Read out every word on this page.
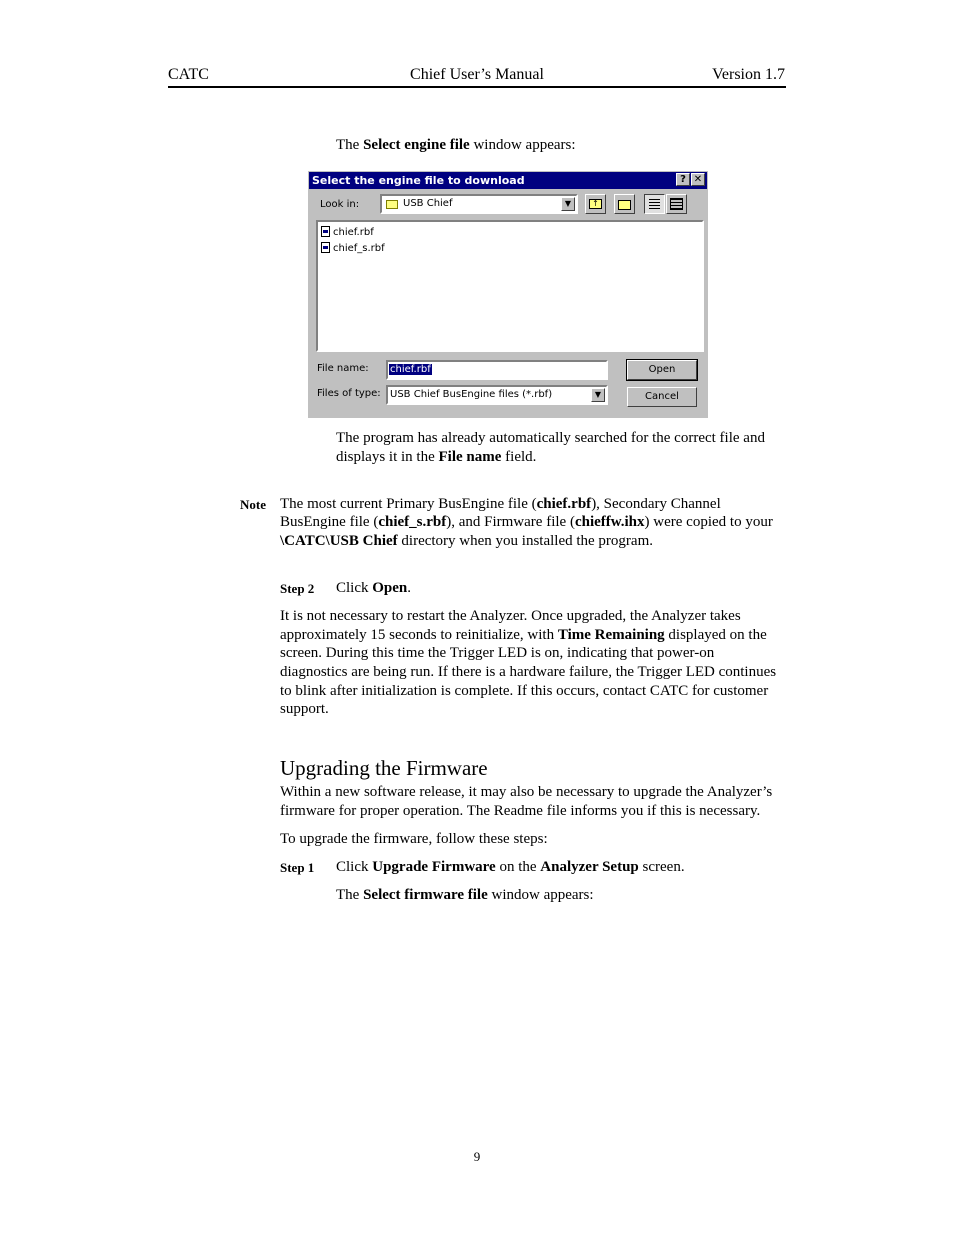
CATC	Chief User’s Manual	Version 1.7

The Select engine file window appears:

Select the engine file to download	? ✕
Look in:	USB Chief	▼	↑
chief.rbf
chief_s.rbf
File name: chief.rbf
Files of type: USB Chief BusEngine files (*.rbf)	▼
Open
Cancel

The program has already automatically searched for the correct file and

displays it in the File name field.

Note The most current Primary BusEngine file (chief.rbf), Secondary Channel

BusEngine file (chief_s.rbf), and Firmware file (chieffw.ihx) were copied to your

\CATC\USB Chief directory when you installed the program.

Step 2 Click Open.

It is not necessary to restart the Analyzer. Once upgraded, the Analyzer takes

approximately 15 seconds to reinitialize, with Time Remaining displayed on the

screen. During this time the Trigger LED is on, indicating that power-on

diagnostics are being run. If there is a hardware failure, the Trigger LED continues

to blink after initialization is complete. If this occurs, contact CATC for customer

support.

Upgrading the Firmware

Within a new software release, it may also be necessary to upgrade the Analyzer’s

firmware for proper operation. The Readme file informs you if this is necessary.

To upgrade the firmware, follow these steps:

Step 1 Click Upgrade Firmware on the Analyzer Setup screen.

The Select firmware file window appears:

9
